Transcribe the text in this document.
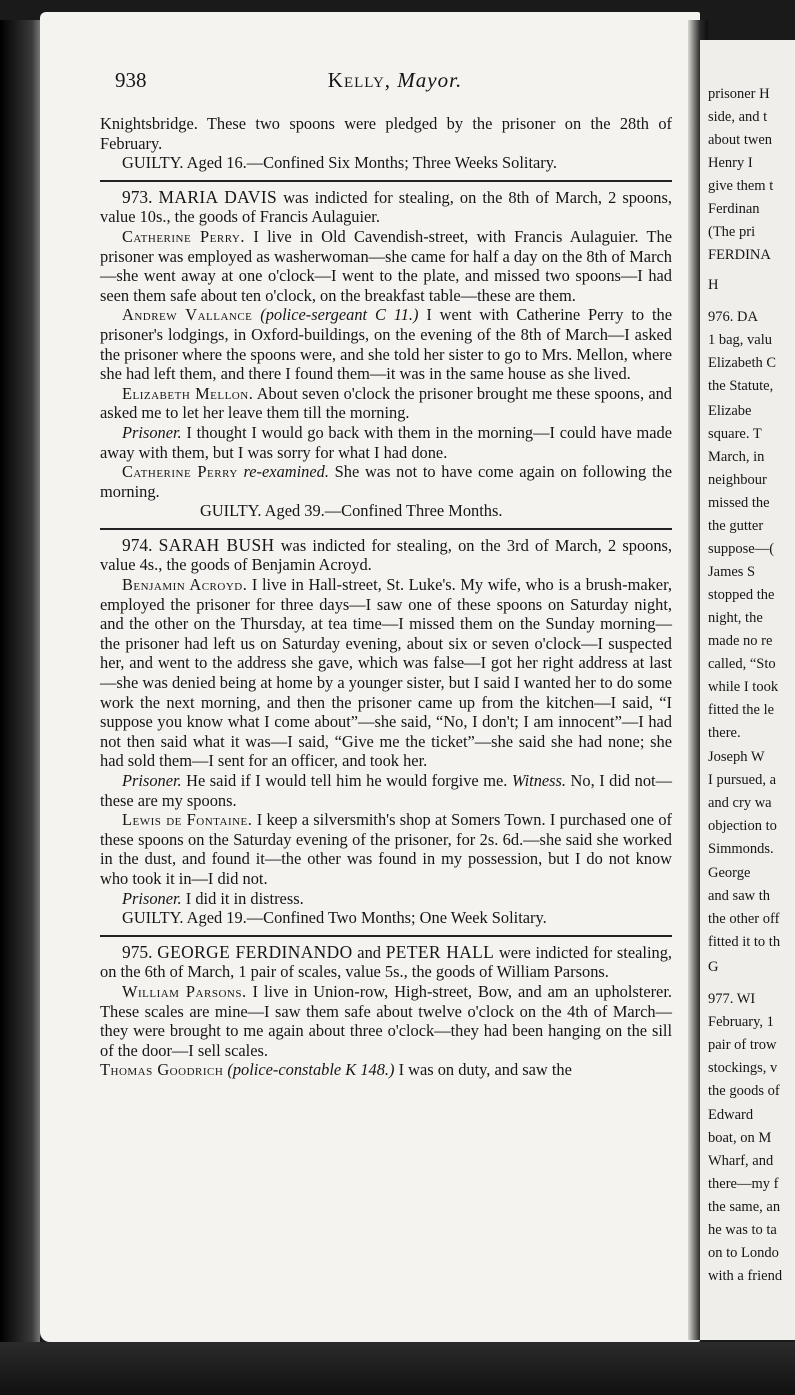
prisoner H
side, and t
about twen
Henry I
give them t
Ferdinan
(The pri
FERDINA
H
976. DA
1 bag, valu
Elizabeth C
the Statute,
Elizabe
square. T
March, in
neighbour
missed the
the gutter
suppose—(
James S
stopped the
night, the
made no re
called, “Sto
while I took
fitted the le
there.
Joseph W
I pursued, a
and cry wa
objection to
Simmonds.
George
and saw th
the other off
fitted it to th
G
977. WI
February, 1
pair of trow
stockings, v
the goods of
Edward
boat, on M
Wharf, and
there—my f
the same, an
he was to ta
on to Londo
with a friend
938	Kelly, Mayor.

Knightsbridge. These two spoons were pledged by the prisoner on the 28th of February.

GUILTY. Aged 16.—Confined Six Months; Three Weeks Solitary.

973. MARIA DAVIS was indicted for stealing, on the 8th of March, 2 spoons, value 10s., the goods of Francis Aulaguier.

Catherine Perry. I live in Old Cavendish-street, with Francis Aulaguier. The prisoner was employed as washerwoman—she came for half a day on the 8th of March—she went away at one o'clock—I went to the plate, and missed two spoons—I had seen them safe about ten o'clock, on the breakfast table—these are them.

Andrew Vallance (police-sergeant C 11.) I went with Catherine Perry to the prisoner's lodgings, in Oxford-buildings, on the evening of the 8th of March—I asked the prisoner where the spoons were, and she told her sister to go to Mrs. Mellon, where she had left them, and there I found them—it was in the same house as she lived.

Elizabeth Mellon. About seven o'clock the prisoner brought me these spoons, and asked me to let her leave them till the morning.

Prisoner. I thought I would go back with them in the morning—I could have made away with them, but I was sorry for what I had done.

Catherine Perry re-examined. She was not to have come again on following the morning.

GUILTY. Aged 39.—Confined Three Months.

974. SARAH BUSH was indicted for stealing, on the 3rd of March, 2 spoons, value 4s., the goods of Benjamin Acroyd.

Benjamin Acroyd. I live in Hall-street, St. Luke's. My wife, who is a brush-maker, employed the prisoner for three days—I saw one of these spoons on Saturday night, and the other on the Thursday, at tea time—I missed them on the Sunday morning—the prisoner had left us on Saturday evening, about six or seven o'clock—I suspected her, and went to the address she gave, which was false—I got her right address at last—she was denied being at home by a younger sister, but I said I wanted her to do some work the next morning, and then the prisoner came up from the kitchen—I said, “I suppose you know what I come about”—she said, “No, I don't; I am innocent”—I had not then said what it was—I said, “Give me the ticket”—she said she had none; she had sold them—I sent for an officer, and took her.

Prisoner. He said if I would tell him he would forgive me. Witness. No, I did not—these are my spoons.

Lewis de Fontaine. I keep a silversmith's shop at Somers Town. I purchased one of these spoons on the Saturday evening of the prisoner, for 2s. 6d.—she said she worked in the dust, and found it—the other was found in my possession, but I do not know who took it in—I did not.

Prisoner. I did it in distress.

GUILTY. Aged 19.—Confined Two Months; One Week Solitary.

975. GEORGE FERDINANDO and PETER HALL were indicted for stealing, on the 6th of March, 1 pair of scales, value 5s., the goods of William Parsons.

William Parsons. I live in Union-row, High-street, Bow, and am an upholsterer. These scales are mine—I saw them safe about twelve o'clock on the 4th of March—they were brought to me again about three o'clock—they had been hanging on the sill of the door—I sell scales.

Thomas Goodrich (police-constable K 148.) I was on duty, and saw the
